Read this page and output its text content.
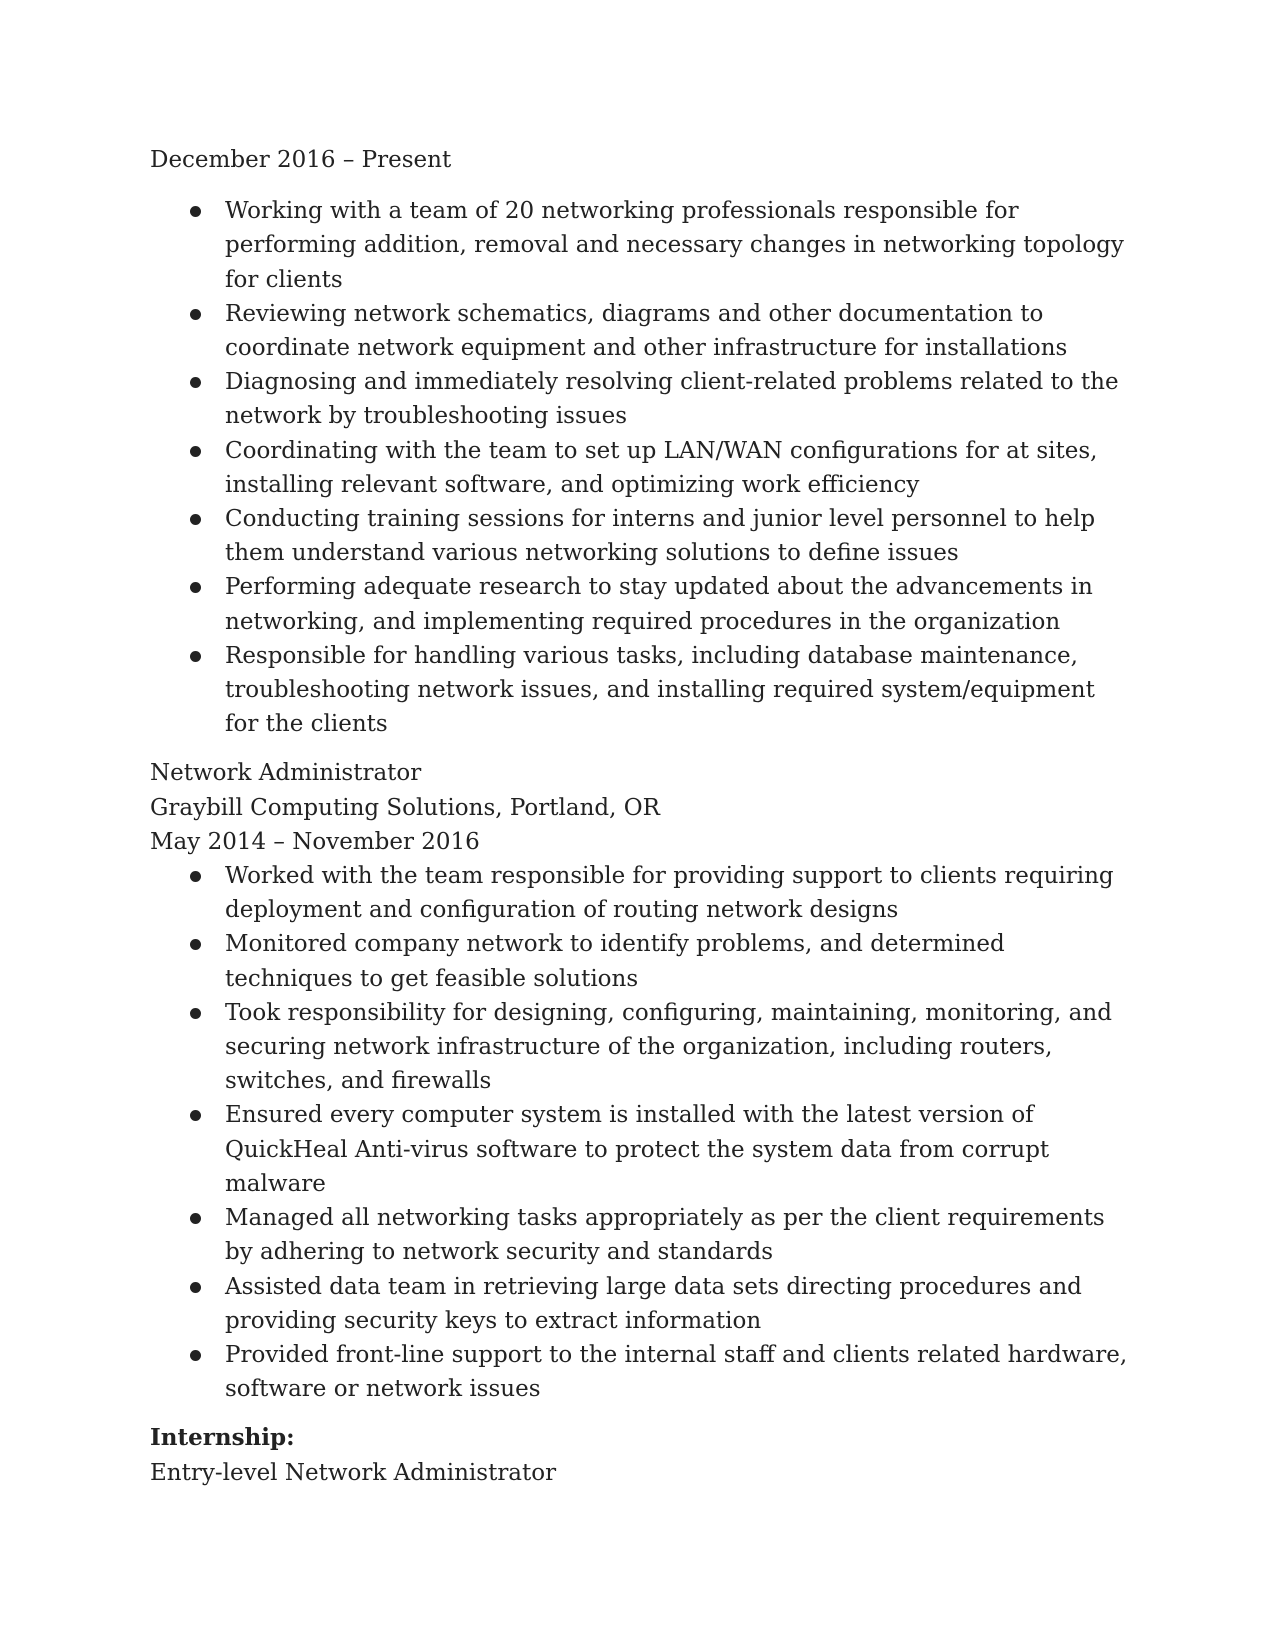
December 2016 – Present

Working with a team of 20 networking professionals responsible for performing addition, removal and necessary changes in networking topology for clients
Reviewing network schematics, diagrams and other documentation to coordinate network equipment and other infrastructure for installations
Diagnosing and immediately resolving client-related problems related to the network by troubleshooting issues
Coordinating with the team to set up LAN/WAN configurations for at sites, installing relevant software, and optimizing work efficiency
Conducting training sessions for interns and junior level personnel to help them understand various networking solutions to define issues
Performing adequate research to stay updated about the advancements in networking, and implementing required procedures in the organization
Responsible for handling various tasks, including database maintenance, troubleshooting network issues, and installing required system/equipment for the clients

Network Administrator

Graybill Computing Solutions, Portland, OR

May 2014 – November 2016

Worked with the team responsible for providing support to clients requiring deployment and configuration of routing network designs
Monitored company network to identify problems, and determined techniques to get feasible solutions
Took responsibility for designing, configuring, maintaining, monitoring, and securing network infrastructure of the organization, including routers, switches, and firewalls
Ensured every computer system is installed with the latest version of QuickHeal Anti-virus software to protect the system data from corrupt malware
Managed all networking tasks appropriately as per the client requirements by adhering to network security and standards
Assisted data team in retrieving large data sets directing procedures and providing security keys to extract information
Provided front-line support to the internal staff and clients related hardware, software or network issues

Internship:

Entry-level Network Administrator
